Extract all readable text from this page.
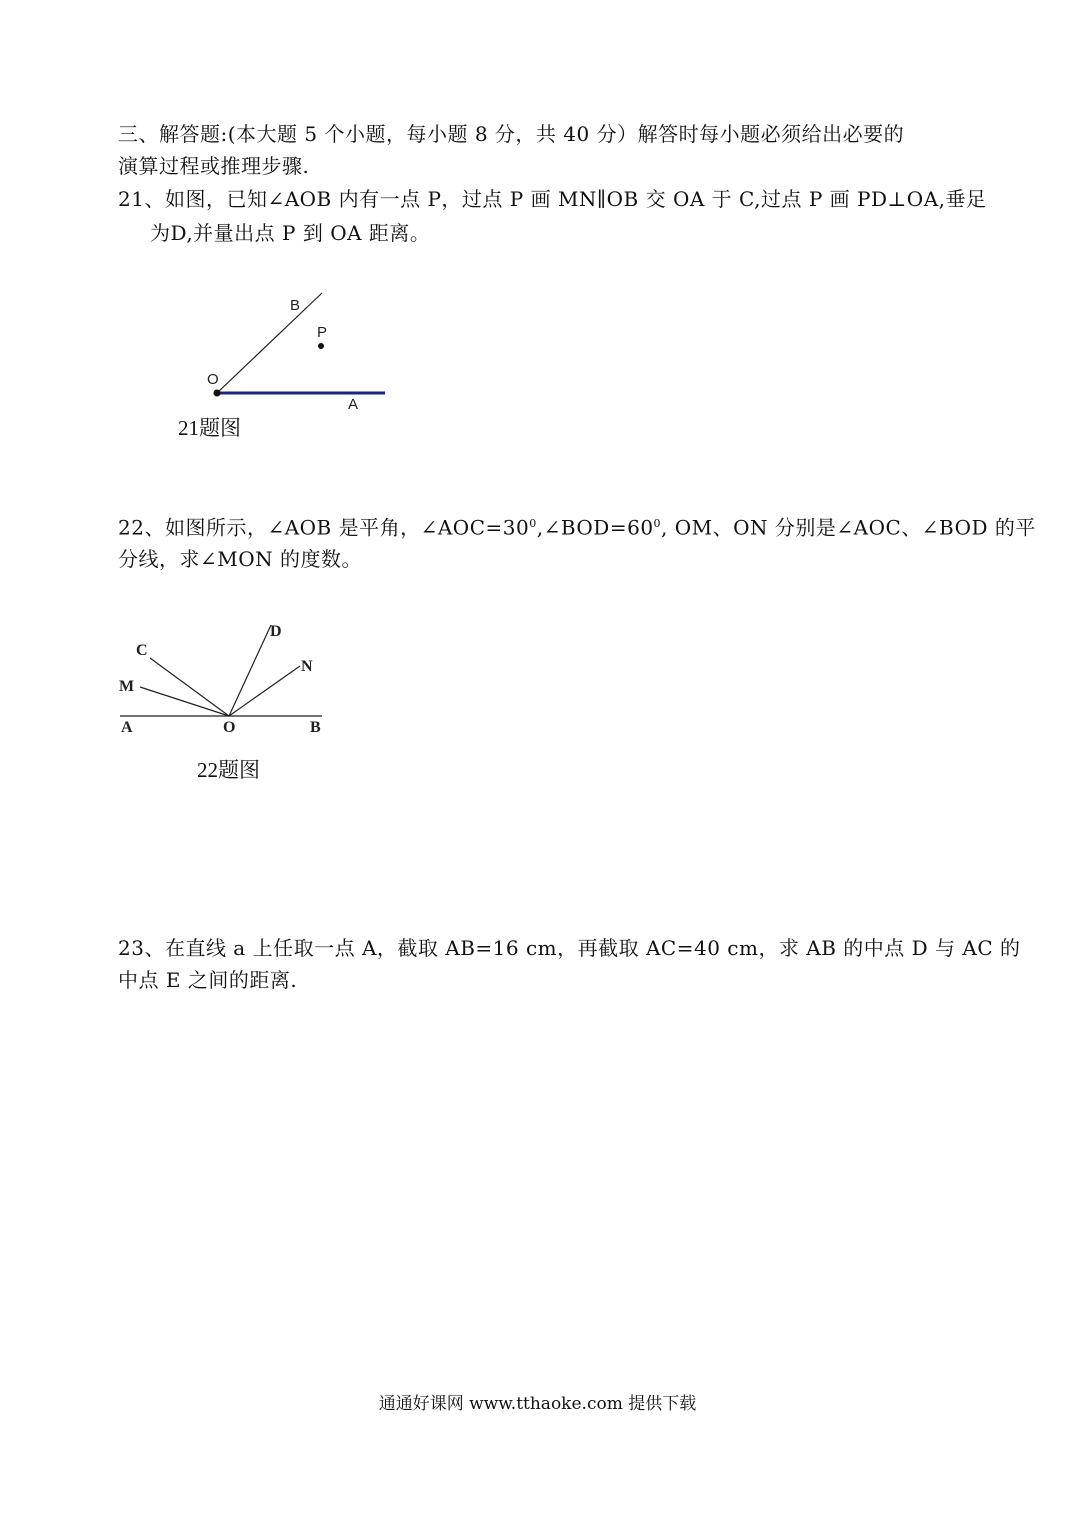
三、解答题:(本大题 5 个小题，每小题 8 分，共 40 分）解答时每小题必须给出必要的
演算过程或推理步骤.
21、如图，已知∠AOB 内有一点 P，过点 P 画 MN∥OB 交 OA 于 C,过点 P 画 PD⊥OA,垂足
为D,并量出点 P 到 OA 距离。
B
P
O
A
21题图
22、如图所示，∠AOB 是平角，$\angle AOC=30^0,\angle BOD=60^0$, OM、ON 分别是∠AOC、∠BOD 的平
分线，求∠MON 的度数。
C
D
M
N
A	O	B
22题图
23、在直线 a 上任取一点 A，截取 AB=16 cm，再截取 AC=40 cm，求 AB 的中点 D 与 AC 的
中点 E 之间的距离.
通通好课网 www.tthaoke.com 提供下载
